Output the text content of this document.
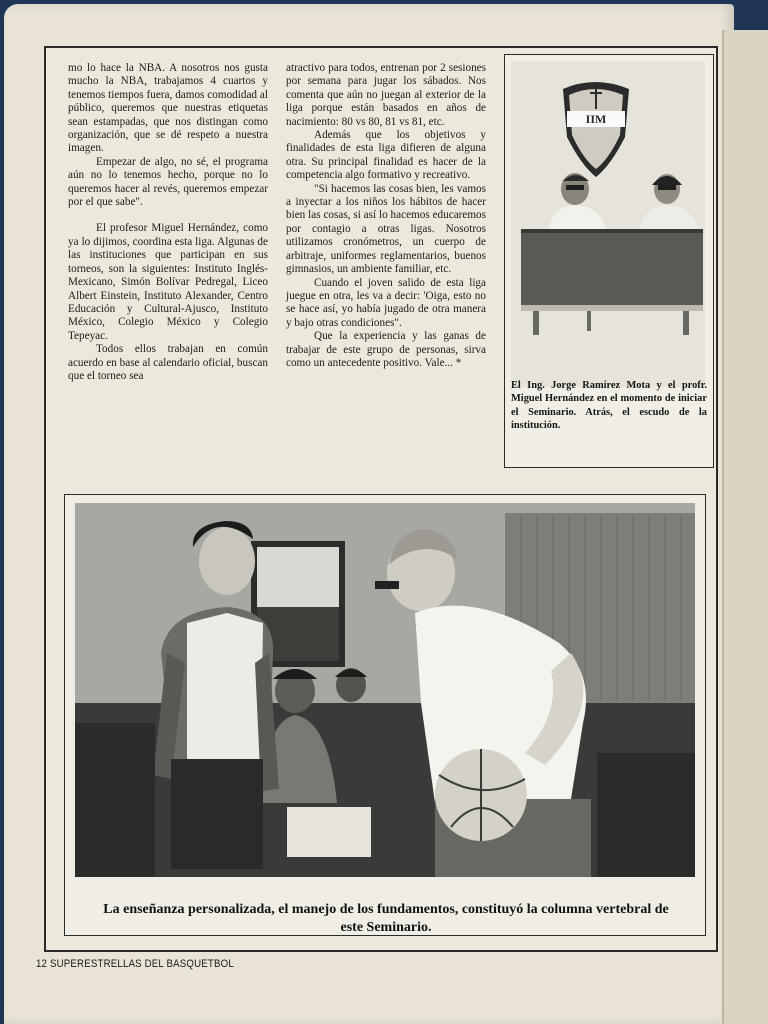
mo lo hace la NBA. A nosotros nos gusta mucho la NBA, trabajamos 4 cuartos y tenemos tiempos fuera, damos comodidad al público, queremos que nuestras etiquetas sean estampadas, que nos distingan como organización, que se dé respeto a nuestra imagen.

Empezar de algo, no sé, el programa aún no lo tenemos hecho, porque no lo queremos hacer al revés, queremos empezar por el que sabe".

El profesor Miguel Hernández, como ya lo dijimos, coordina esta liga. Algunas de las instituciones que participan en sus torneos, son la siguientes: Instituto Inglés-Mexicano, Simón Bolívar Pedregal, Liceo Albert Einstein, Instituto Alexander, Centro Educación y Cultural-Ajusco, Instituto México, Colegio México y Colegio Tepeyac.

Todos ellos trabajan en común acuerdo en base al calendario oficial, buscan que el torneo sea

atractivo para todos, entrenan por 2 sesiones por semana para jugar los sábados. Nos comenta que aún no juegan al exterior de la liga porque están basados en años de nacimiento: 80 vs 80, 81 vs 81, etc.

Además que los objetivos y finalidades de esta liga difieren de alguna otra. Su principal finalidad es hacer de la competencia algo formativo y recreativo.

"Si hacemos las cosas bien, les vamos a inyectar a los niños los hábitos de hacer bien las cosas, si así lo hacemos educaremos por contagio a otras ligas. Nosotros utilizamos cronómetros, un cuerpo de arbitraje, uniformes reglamentarios, buenos gimnasios, un ambiente familiar, etc.

Cuando el joven salido de esta liga juegue en otra, les va a decir: 'Oiga, esto no se hace así, yo había jugado de otra manera y bajo otras condiciones".

Que la experiencia y las ganas de trabajar de este grupo de personas, sirva como un antecedente positivo. Vale... *

IIM
El Ing. Jorge Ramírez Mota y el profr. Miguel Hernández en el momento de iniciar el Seminario. Atrás, el escudo de la institución.
La enseñanza personalizada, el manejo de los fundamentos, constituyó la columna vertebral de este Seminario.
12 SUPERESTRELLAS DEL BASQUETBOL
